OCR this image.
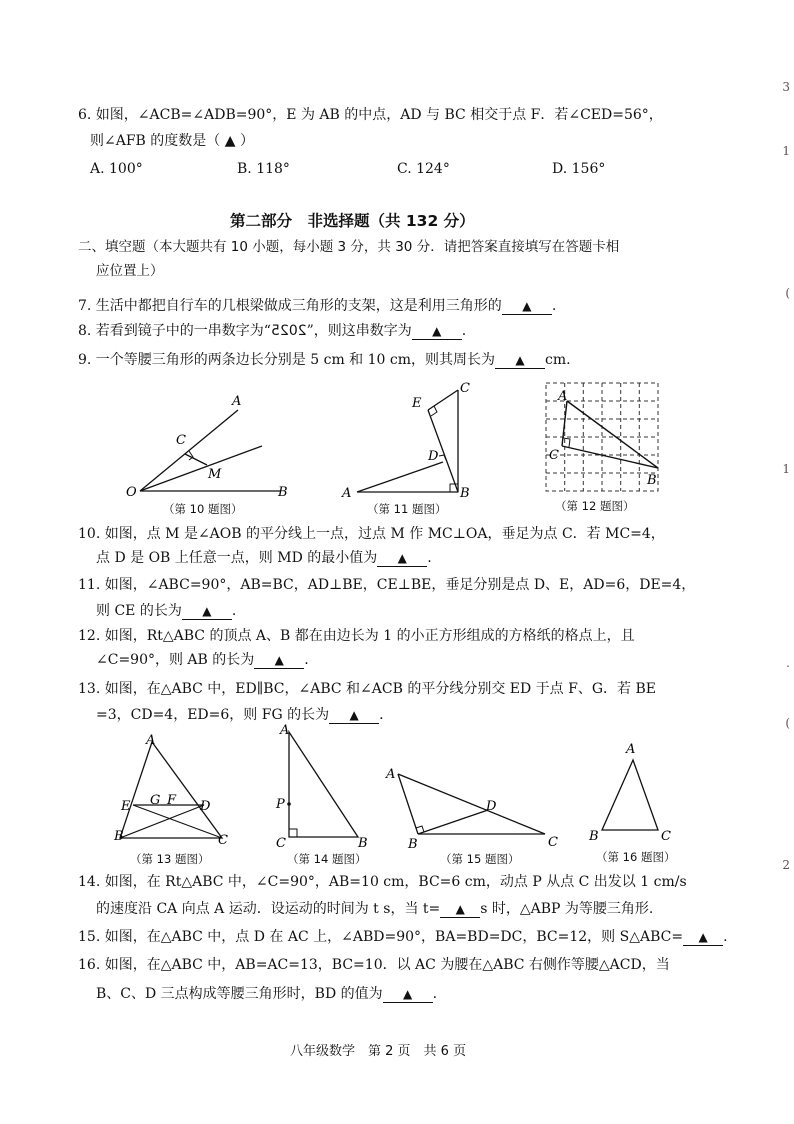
6. 如图，∠ACB=∠ADB=90°，E 为 AB 的中点，AD 与 BC 相交于点 F．若∠CED=56°，
则∠AFB 的度数是（ ▲ ）
A. 100°	B. 118°	C. 124°	D. 156°
第二部分　非选择题（共 132 分）
二、填空题（本大题共有 10 小题，每小题 3 分，共 30 分．请把答案直接填写在答题卡相
应位置上）
7. 生活中都把自行车的几根梁做成三角形的支架，这是利用三角形的 ▲ .
8. 若看到镜子中的一串数字为“2025”，则这串数字为 ▲ .
9. 一个等腰三角形的两条边长分别是 5 cm 和 10 cm，则其周长为 ▲ cm.
A
C
M
O	B
（第 10 题图）
C
E
D
A	B
（第 11 题图）
A
C
B
（第 12 题图）
10. 如图，点 M 是∠AOB 的平分线上一点，过点 M 作 MC⊥OA，垂足为点 C．若 MC=4，
点 D 是 OB 上任意一点，则 MD 的最小值为 ▲ .
11. 如图，∠ABC=90°，AB=BC，AD⊥BE，CE⊥BE，垂足分别是点 D、E，AD=6，DE=4，
则 CE 的长为 ▲ .
12. 如图，Rt△ABC 的顶点 A、B 都在由边长为 1 的小正方形组成的方格纸的格点上，且
∠C=90°，则 AB 的长为 ▲ .
13. 如图，在△ABC 中，ED∥BC，∠ABC 和∠ACB 的平分线分别交 ED 于点 F、G．若 BE
=3，CD=4，ED=6，则 FG 的长为 ▲ .
A
G F
E	D
B	C
（第 13 题图）
A
P
C	B
（第 14 题图）
A
D
B	C
（第 15 题图）
A
B	C
（第 16 题图）
14. 如图，在 Rt△ABC 中，∠C=90°，AB=10 cm，BC=6 cm，动点 P 从点 C 出发以 1 cm/s
的速度沿 CA 向点 A 运动．设运动的时间为 t s，当 t= ▲ s 时，△ABP 为等腰三角形.
15. 如图，在△ABC 中，点 D 在 AC 上，∠ABD=90°，BA=BD=DC，BC=12，则 S△ABC= ▲ .
16. 如图，在△ABC 中，AB=AC=13，BC=10．以 AC 为腰在△ABC 右侧作等腰△ACD，当
B、C、D 三点构成等腰三角形时，BD 的值为 ▲ .
八年级数学　第 2 页　共 6 页
3
1
(
1
.
(
2
